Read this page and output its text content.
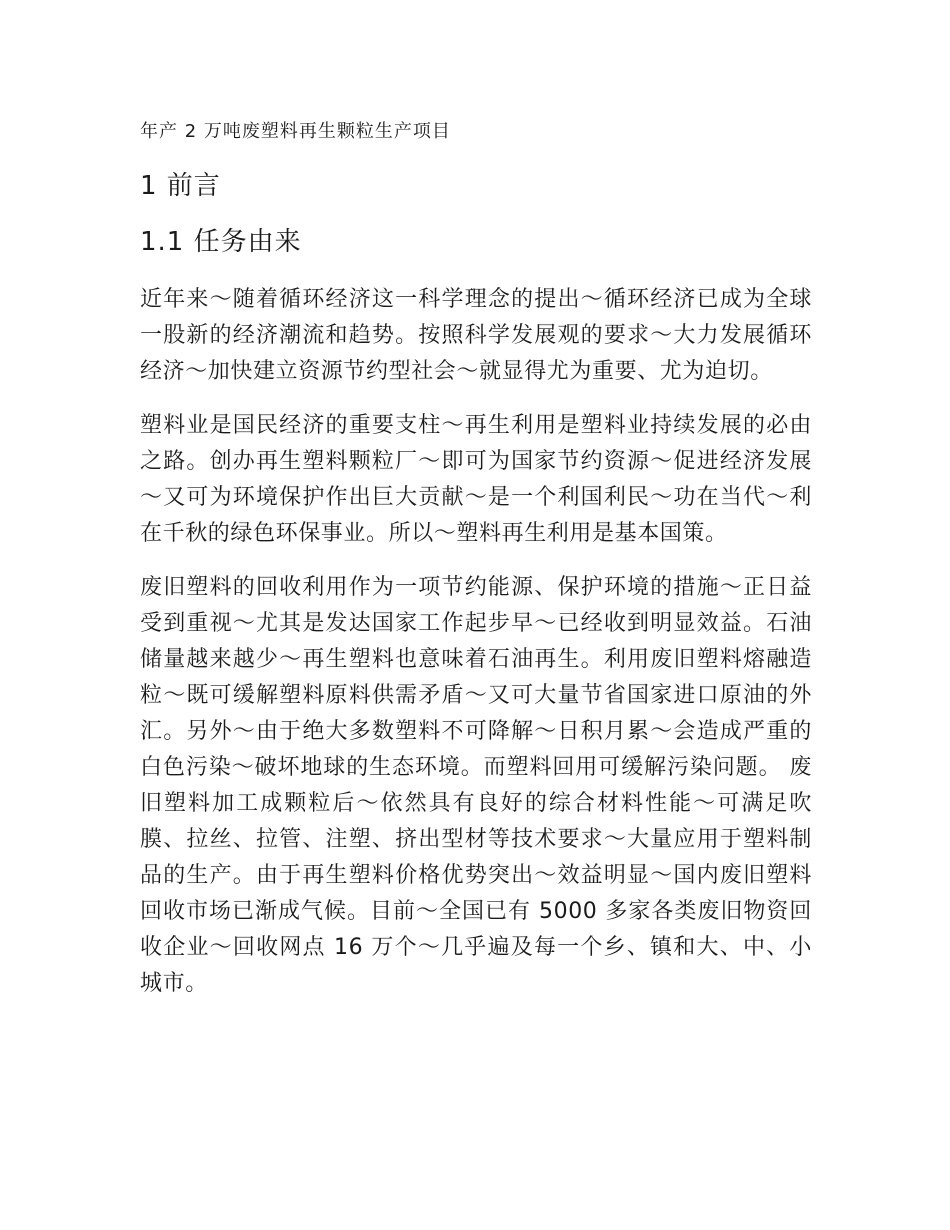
年产 2 万吨废塑料再生颗粒生产项目
1 前言
1.1 任务由来

近年来～随着循环经济这一科学理念的提出～循环经济已成为全球一股新的经济潮流和趋势。按照科学发展观的要求～大力发展循环经济～加快建立资源节约型社会～就显得尤为重要、尤为迫切。

塑料业是国民经济的重要支柱～再生利用是塑料业持续发展的必由之路。创办再生塑料颗粒厂～即可为国家节约资源～促进经济发展～又可为环境保护作出巨大贡献～是一个利国利民～功在当代～利在千秋的绿色环保事业。所以～塑料再生利用是基本国策。

废旧塑料的回收利用作为一项节约能源、保护环境的措施～正日益受到重视～尤其是发达国家工作起步早～已经收到明显效益。石油储量越来越少～再生塑料也意味着石油再生。利用废旧塑料熔融造粒～既可缓解塑料原料供需矛盾～又可大量节省国家进口原油的外汇。另外～由于绝大多数塑料不可降解～日积月累～会造成严重的白色污染～破坏地球的生态环境。而塑料回用可缓解污染问题。 废旧塑料加工成颗粒后～依然具有良好的综合材料性能～可满足吹膜、拉丝、拉管、注塑、挤出型材等技术要求～大量应用于塑料制品的生产。由于再生塑料价格优势突出～效益明显～国内废旧塑料回收市场已渐成气候。目前～全国已有 5000 多家各类废旧物资回收企业～回收网点 16 万个～几乎遍及每一个乡、镇和大、中、小城市。
